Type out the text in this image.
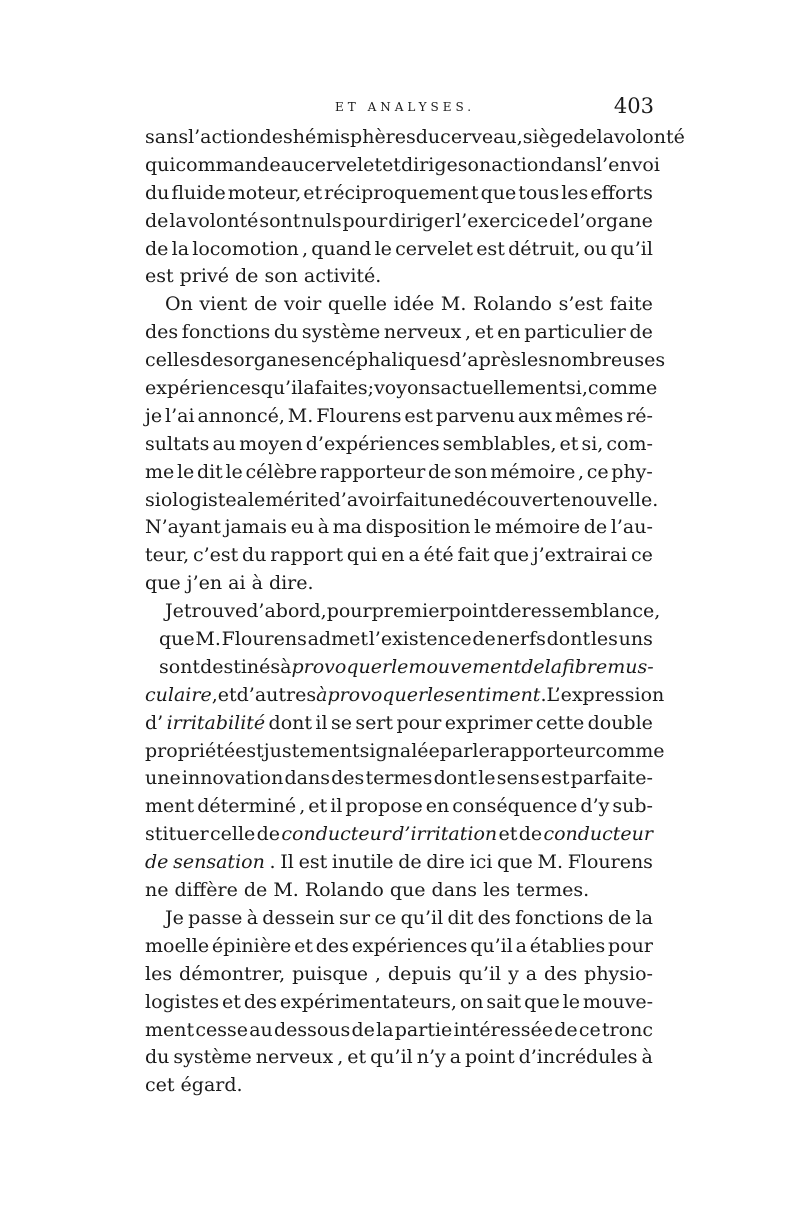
ET ANALYSES.	403
sansl’action des hémisphères du cerveau , siège de la volonté
qui commande au cervelet et dirige son action dans l’envoi
du fluide moteur, et réciproquement que tous les efforts
de la volonté sont nuls pour diriger l’exercice de l’organe
de la locomotion , quand le cervelet est détruit, ou qu’il
est privé de son activité.
On vient de voir quelle idée M. Rolando s’est faite
des fonctions du système nerveux , et en particulier de
celles des organes encéphaliques d’après les nombreuses
expériences qu’il a faites ; voyons actuellement si , comme
je l’ai annoncé, M. Flourens est parvenu aux mêmes ré-
sultats au moyen d’expériences semblables, et si, com-
me le dit le célèbre rapporteur de son mémoire , ce phy-
siologiste a le mérite d’avoir fait une découverte nouvelle.
N’ayant jamais eu à ma disposition le mémoire de l’au-
teur, c’est du rapport qui en a été fait que j’extrairai ce
que j’en ai à dire.
Je trouve d’abord , pour premier point de ressemblance ,
que M. Flourens admet l’existence de nerfs dont les uns
sont destinés à provoquer le mouvement de la fibre mus-
culaire , et d’autres à provoquer le sentiment . L’expression
d’ irritabilité dont il se sert pour exprimer cette double
propriété est justement signalée par le rapporteur comme
une innovation dans des termes dont le sens est parfaite-
ment déterminé , et il propose en conséquence d’y sub-
stituer celle de conducteur d’irritation et de conducteur
de sensation . Il est inutile de dire ici que M. Flourens
ne diffère de M. Rolando que dans les termes.
Je passe à dessein sur ce qu’il dit des fonctions de la
moelle épinière et des expériences qu’il a établies pour
les démontrer, puisque , depuis qu’il y a des physio-
logistes et des expérimentateurs, on sait que le mouve-
ment cesse au dessous de la partie intéressée de ce tronc
du système nerveux , et qu’il n’y a point d’incrédules à
cet égard.
